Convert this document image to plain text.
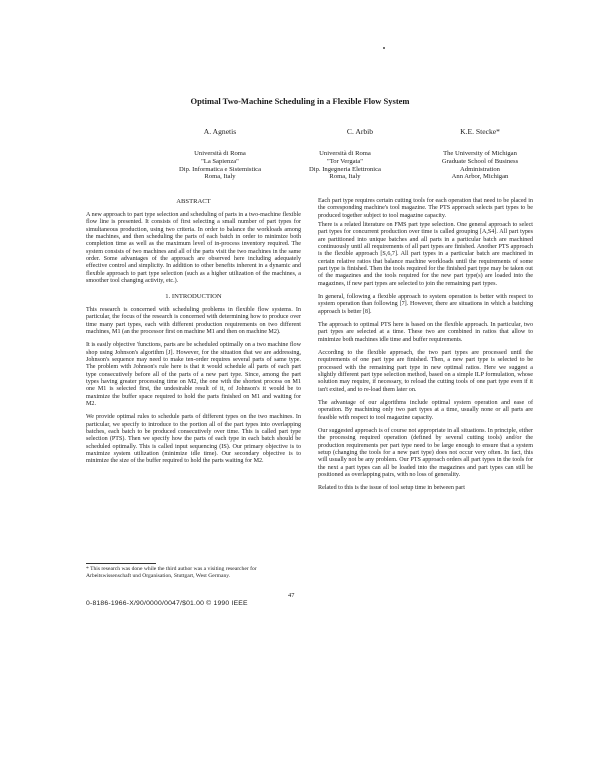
Optimal Two-Machine Scheduling in a Flexible Flow System
A. Agnetis	C. Arbib	K.E. Stecke*
Università di Roma
"La Sapienza"
Dip. Informatica e Sistemistica
Roma, Italy
Università di Roma
"Tor Vergata"
Dip. Ingegneria Elettronica
Roma, Italy
The University of Michigan
Graduate School of Business
Administration
Ann Arbor, Michigan
ABSTRACT

A new approach to part type selection and scheduling of parts in a two-machine flexible flow line is presented. It consists of first selecting a small number of part types for simultaneous production, using two criteria. In order to balance the workloads among the machines, and then scheduling the parts of each batch in order to minimize both completion time as well as the maximum level of in-process inventory required. The system consists of two machines and all of the parts visit the two machines in the same order. Some advantages of the approach are observed here including adequately effective control and simplicity. In addition to other benefits inherent in a dynamic and flexible approach to part type selection (such as a higher utilization of the machines, a smoother tool changing activity, etc.).

1. INTRODUCTION

This research is concerned with scheduling problems in flexible flow systems. In particular, the focus of the research is concerned with determining how to produce over time many part types, each with different production requirements on two different machines, M1 (an the processor first on machine M1 and then on machine M2).

It is easily objective 'functions, parts are be scheduled optimally on a two machine flow shop using Johnson's algorithm [J]. However, for the situation that we are addressing, Johnson's sequence may need to make ten-order requires several parts of same type. The problem with Johnson's rule here is that it would schedule all parts of each part type consecutively before all of the parts of a new part type. Since, among the part types having greater processing time on M2, the one with the shortest process on M1 one M1 is selected first, the undesirable result of it, of Johnson's it would be to maximize the buffer space required to hold the parts finished on M1 and waiting for M2.

We provide optimal rules to schedule parts of different types on the two machines. In particular, we specify to introduce to the portion all of the part types into overlapping batches, each batch to be produced consecutively over time. This is called part type selection (PTS). Then we specify how the parts of each type in each batch should be scheduled optimally. This is called input sequencing (IS). Our primary objective is to maximize system utilization (minimize idle time). Our secondary objective is to minimize the size of the buffer required to hold the parts waiting for M2.

* This research was done while the third author was a visiting researcher for Arbeitswissenschaft und Organisation, Stuttgart, West Germany.

Each part type requires certain cutting tools for each operation that need to be placed in the corresponding machine's tool magazine. The PTS approach selects part types to be produced together subject to tool magazine capacity.

There is a related literature on FMS part type selection. One general approach to select part types for concurrent production over time is called grouping [A,S4]. All part types are partitioned into unique batches and all parts in a particular batch are machined continuously until all requirements of all part types are finished. Another PTS approach is the flexible approach [S,6,7]. All part types in a particular batch are machined in certain relative ratios that balance machine workloads until the requirements of some part type is finished. Then the tools required for the finished part type may be taken out of the magazines and the tools required for the new part type(s) are loaded into the magazines, if new part types are selected to join the remaining part types.

In general, following a flexible approach to system operation is better with respect to system operation than following [7]. However, there are situations in which a batching approach is better [8].

The approach to optimal PTS here is based on the flexible approach. In particular, two part types are selected at a time. These two are combined in ratios that allow to minimize both machines idle time and buffer requirements.

According to the flexible approach, the two part types are processed until the requirements of one part type are finished. Then, a new part type is selected to be processed with the remaining part type in new optimal ratios. Here we suggest a slightly different part type selection method, based on a simple ILP formulation, whose solution may require, if necessary, to reload the cutting tools of one part type even if it isn't exited, and to re-load them later on.

The advantage of our algorithms include optimal system operation and ease of operation. By machining only two part types at a time, usually none or all parts are feasible with respect to tool magazine capacity.

Our suggested approach is of course not appropriate in all situations. In principle, either the processing required operation (defined by several cutting tools) and/or the production requirements per part type need to be large enough to ensure that a system setup (changing the tools for a new part type) does not occur very often. In fact, this will usually not be any problem. Our PTS approach orders all part types in the tools for the next a part types can all be loaded into the magazines and part types can still be positioned as overlapping pairs, with no loss of generality.

Related to this is the issue of tool setup time in between part

47
0-8186-1966-X/90/0000/0047/$01.00 © 1990 IEEE
